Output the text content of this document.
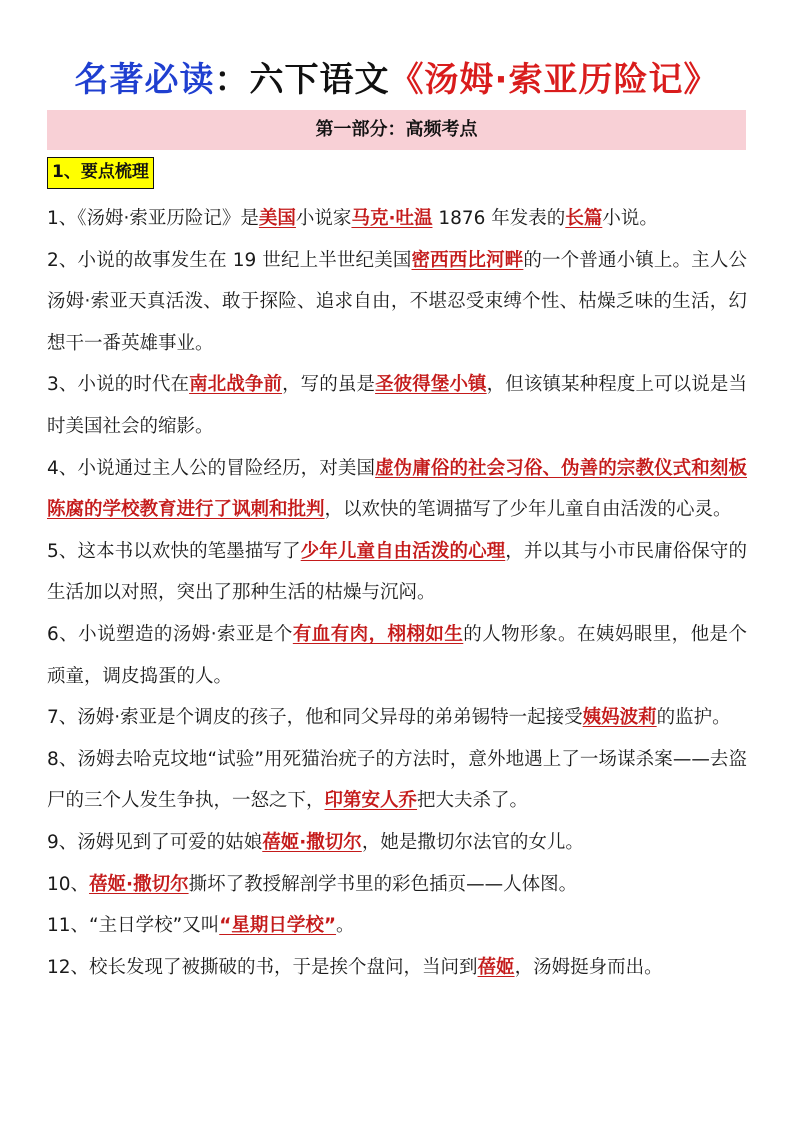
名著必读：六下语文《汤姆·索亚历险记》
第一部分：高频考点
1、要点梳理

1、《汤姆·索亚历险记》是美国小说家马克·吐温 1876 年发表的长篇小说。

2、小说的故事发生在 19 世纪上半世纪美国密西西比河畔的一个普通小镇上。主人公汤姆·索亚天真活泼、敢于探险、追求自由，不堪忍受束缚个性、枯燥乏味的生活，幻想干一番英雄事业。

3、小说的时代在南北战争前，写的虽是圣彼得堡小镇，但该镇某种程度上可以说是当时美国社会的缩影。

4、小说通过主人公的冒险经历，对美国虚伪庸俗的社会习俗、伪善的宗教仪式和刻板陈腐的学校教育进行了讽刺和批判，以欢快的笔调描写了少年儿童自由活泼的心灵。

5、这本书以欢快的笔墨描写了少年儿童自由活泼的心理，并以其与小市民庸俗保守的生活加以对照，突出了那种生活的枯燥与沉闷。

6、小说塑造的汤姆·索亚是个有血有肉，栩栩如生的人物形象。在姨妈眼里，他是个顽童，调皮捣蛋的人。

7、汤姆·索亚是个调皮的孩子，他和同父异母的弟弟锡特一起接受姨妈波莉的监护。

8、汤姆去哈克坟地“试验”用死猫治疣子的方法时，意外地遇上了一场谋杀案——去盗尸的三个人发生争执，一怒之下，印第安人乔把大夫杀了。

9、汤姆见到了可爱的姑娘蓓姬·撒切尔，她是撒切尔法官的女儿。

10、蓓姬·撒切尔撕坏了教授解剖学书里的彩色插页——人体图。

11、“主日学校”又叫“星期日学校”。

12、校长发现了被撕破的书，于是挨个盘问，当问到蓓姬，汤姆挺身而出。
